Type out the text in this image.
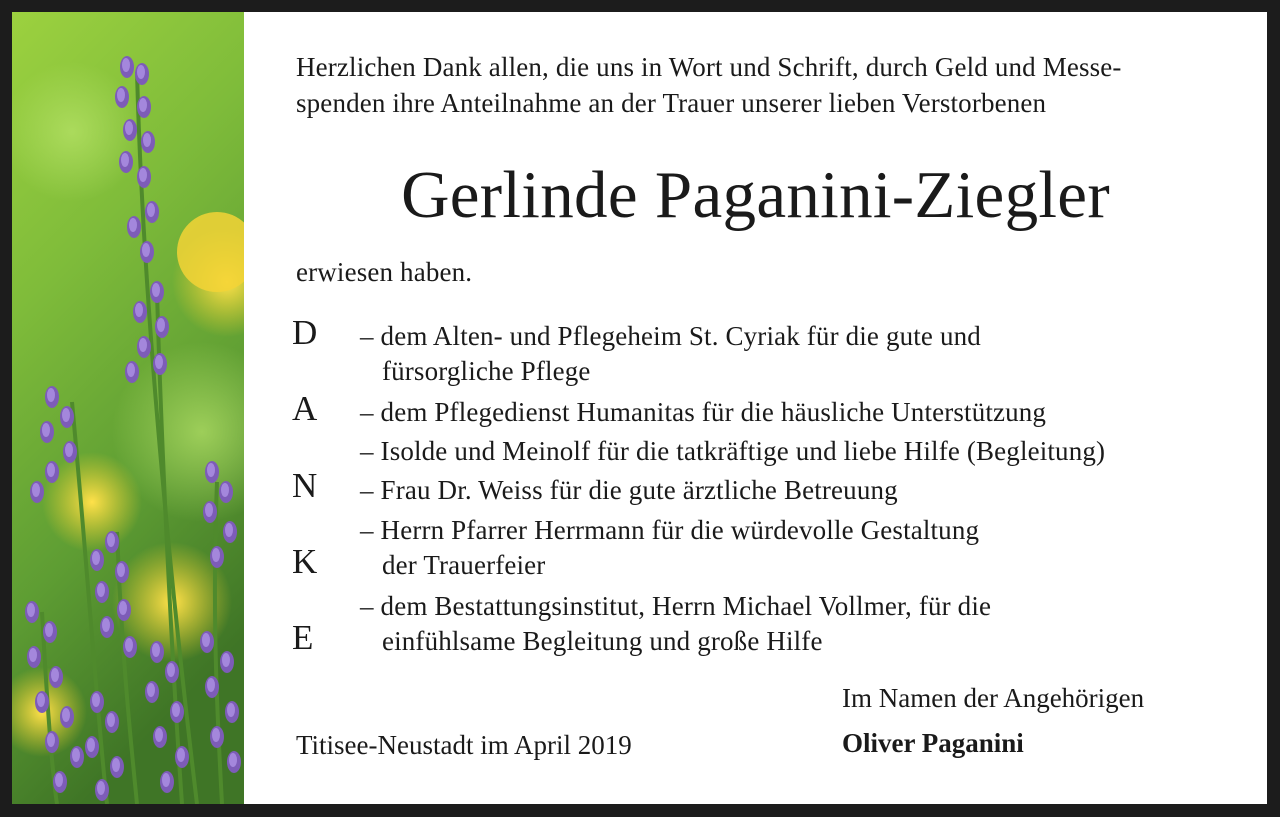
Herzlichen Dank allen, die uns in Wort und Schrift, durch Geld und Messe-

spenden ihre Anteilnahme an der Trauer unserer lieben Verstorbenen

Gerlinde Paganini-Ziegler

erwiesen haben.

D

A

N

K

E

– dem Alten- und Pflegeheim St. Cyriak für die gute und

fürsorgliche Pflege

– dem Pflegedienst Humanitas für die häusliche Unterstützung

– Isolde und Meinolf für die tatkräftige und liebe Hilfe (Begleitung)

– Frau Dr. Weiss für die gute ärztliche Betreuung

– Herrn Pfarrer Herrmann für die würdevolle Gestaltung

der Trauerfeier

– dem Bestattungsinstitut, Herrn Michael Vollmer, für die

einfühlsame Begleitung und große Hilfe

Im Namen der Angehörigen

Titisee-Neustadt im April 2019	Oliver Paganini
